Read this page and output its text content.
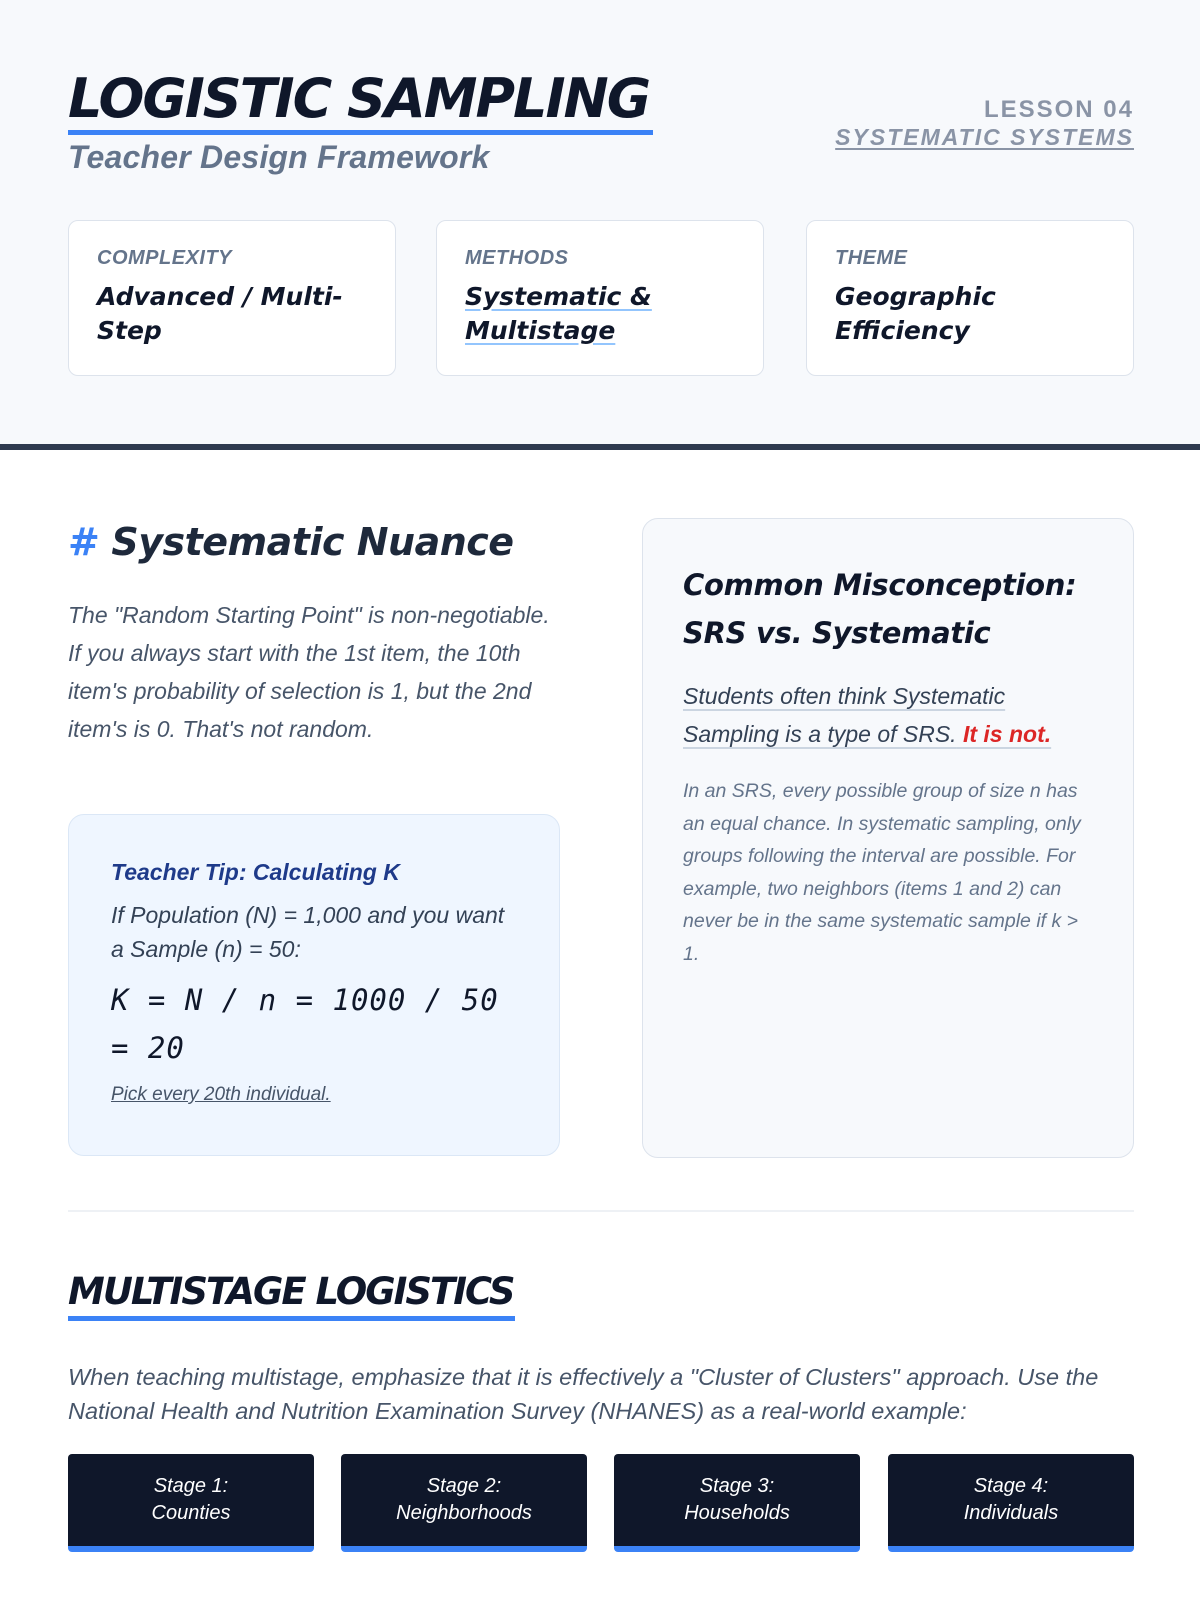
LOGISTIC SAMPLING
Teacher Design Framework
LESSON 04
SYSTEMATIC SYSTEMS
COMPLEXITY
Advanced / Multi-Step
METHODS
Systematic & Multistage
THEME
Geographic Efficiency
# Systematic Nuance
The "Random Starting Point" is non-negotiable. If you always start with the 1st item, the 10th item's probability of selection is 1, but the 2nd item's is 0. That's not random.
Teacher Tip: Calculating K
If Population (N) = 1,000 and you want a Sample (n) = 50:
K = N / n = 1000 / 50
= 20
Pick every 20th individual.
Common Misconception:
SRS vs. Systematic
Students often think Systematic Sampling is a type of SRS. It is not.
In an SRS, every possible group of size n has an equal chance. In systematic sampling, only groups following the interval are possible. For example, two neighbors (items 1 and 2) can never be in the same systematic sample if k > 1.
MULTISTAGE LOGISTICS
When teaching multistage, emphasize that it is effectively a "Cluster of Clusters" approach. Use the National Health and Nutrition Examination Survey (NHANES) as a real-world example:
Stage 1:
Counties
Stage 2:
Neighborhoods
Stage 3:
Households
Stage 4:
Individuals
